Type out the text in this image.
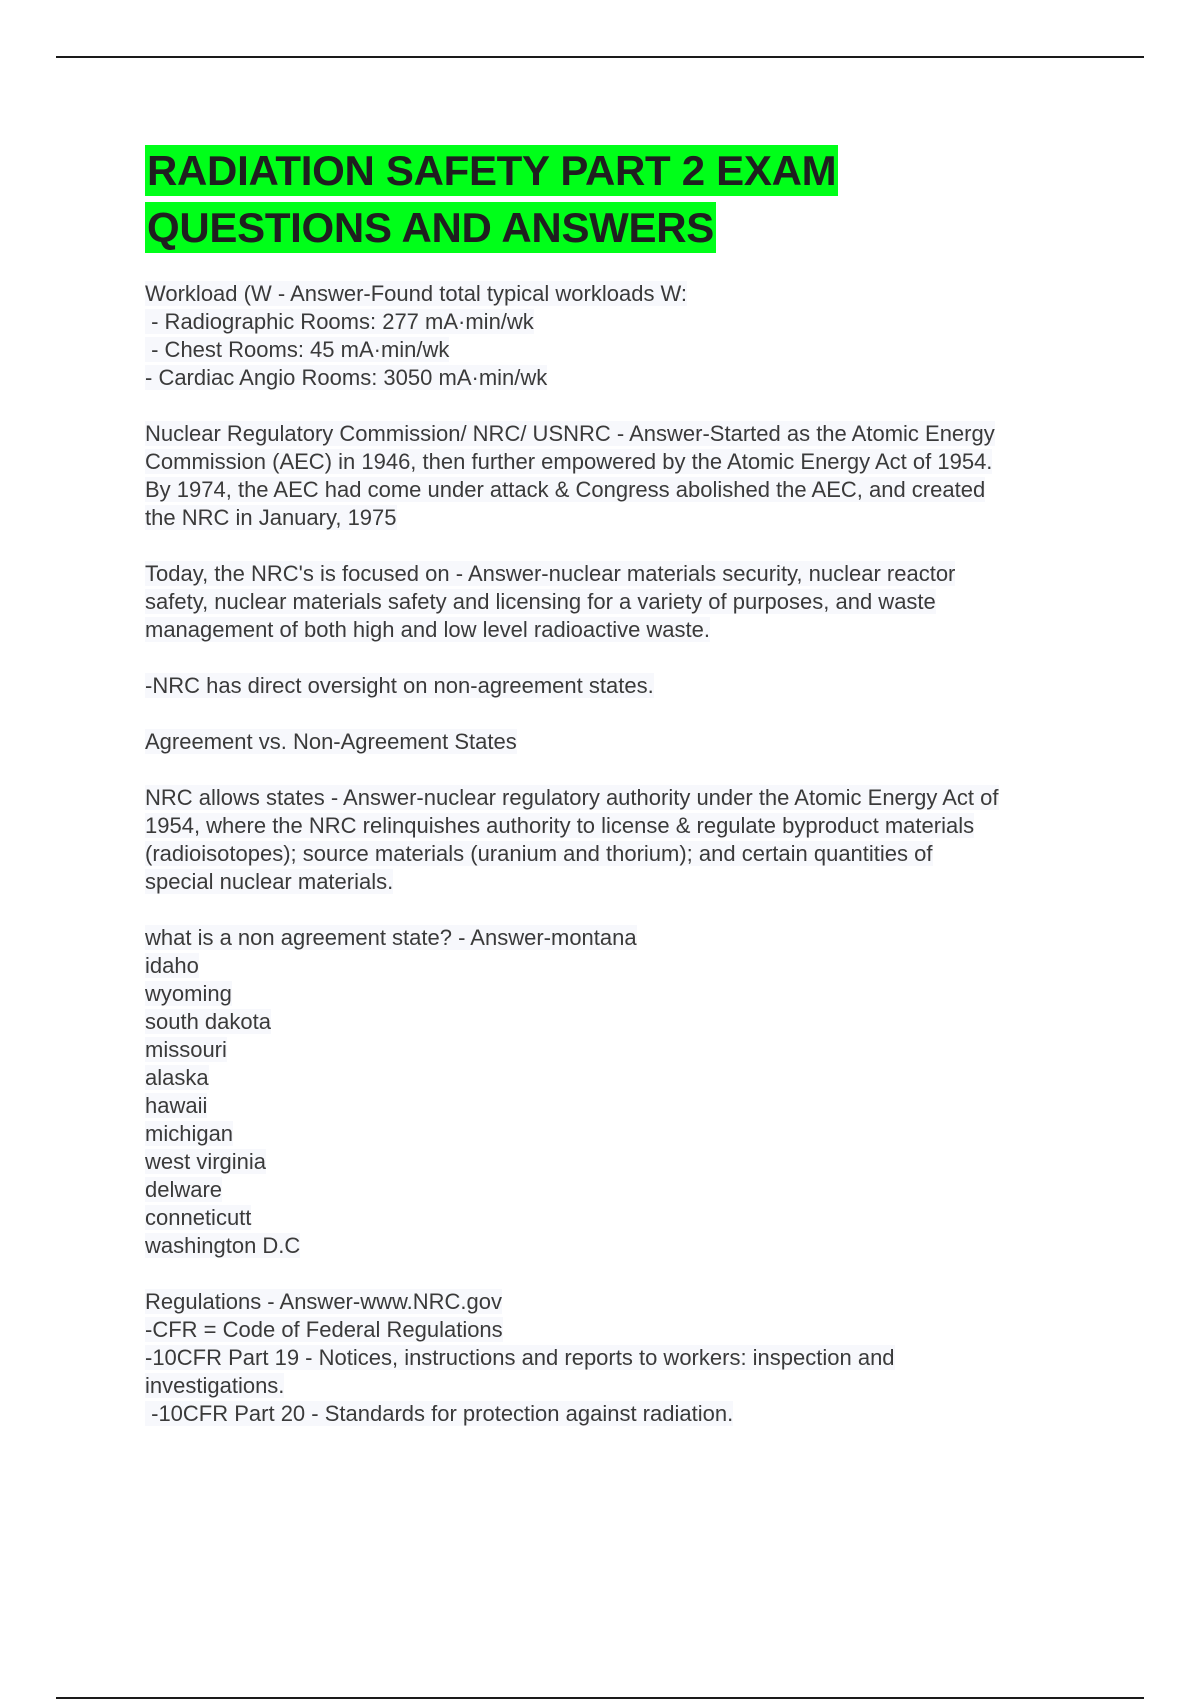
RADIATION SAFETY PART 2 EXAM
QUESTIONS AND ANSWERS
Workload (W - Answer-Found total typical workloads W:
- Radiographic Rooms: 277 mA·min/wk
- Chest Rooms: 45 mA·min/wk
- Cardiac Angio Rooms: 3050 mA·min/wk
Nuclear Regulatory Commission/ NRC/ USNRC - Answer-Started as the Atomic Energy
Commission (AEC) in 1946, then further empowered by the Atomic Energy Act of 1954.
By 1974, the AEC had come under attack & Congress abolished the AEC, and created
the NRC in January, 1975
Today, the NRC's is focused on - Answer-nuclear materials security, nuclear reactor
safety, nuclear materials safety and licensing for a variety of purposes, and waste
management of both high and low level radioactive waste.
-NRC has direct oversight on non-agreement states.
Agreement vs. Non-Agreement States
NRC allows states - Answer-nuclear regulatory authority under the Atomic Energy Act of
1954, where the NRC relinquishes authority to license & regulate byproduct materials
(radioisotopes); source materials (uranium and thorium); and certain quantities of
special nuclear materials.
what is a non agreement state? - Answer-montana
idaho
wyoming
south dakota
missouri
alaska
hawaii
michigan
west virginia
delware
conneticutt
washington D.C
Regulations - Answer-www.NRC.gov
-CFR = Code of Federal Regulations
-10CFR Part 19 - Notices, instructions and reports to workers: inspection and
investigations.
-10CFR Part 20 - Standards for protection against radiation.
